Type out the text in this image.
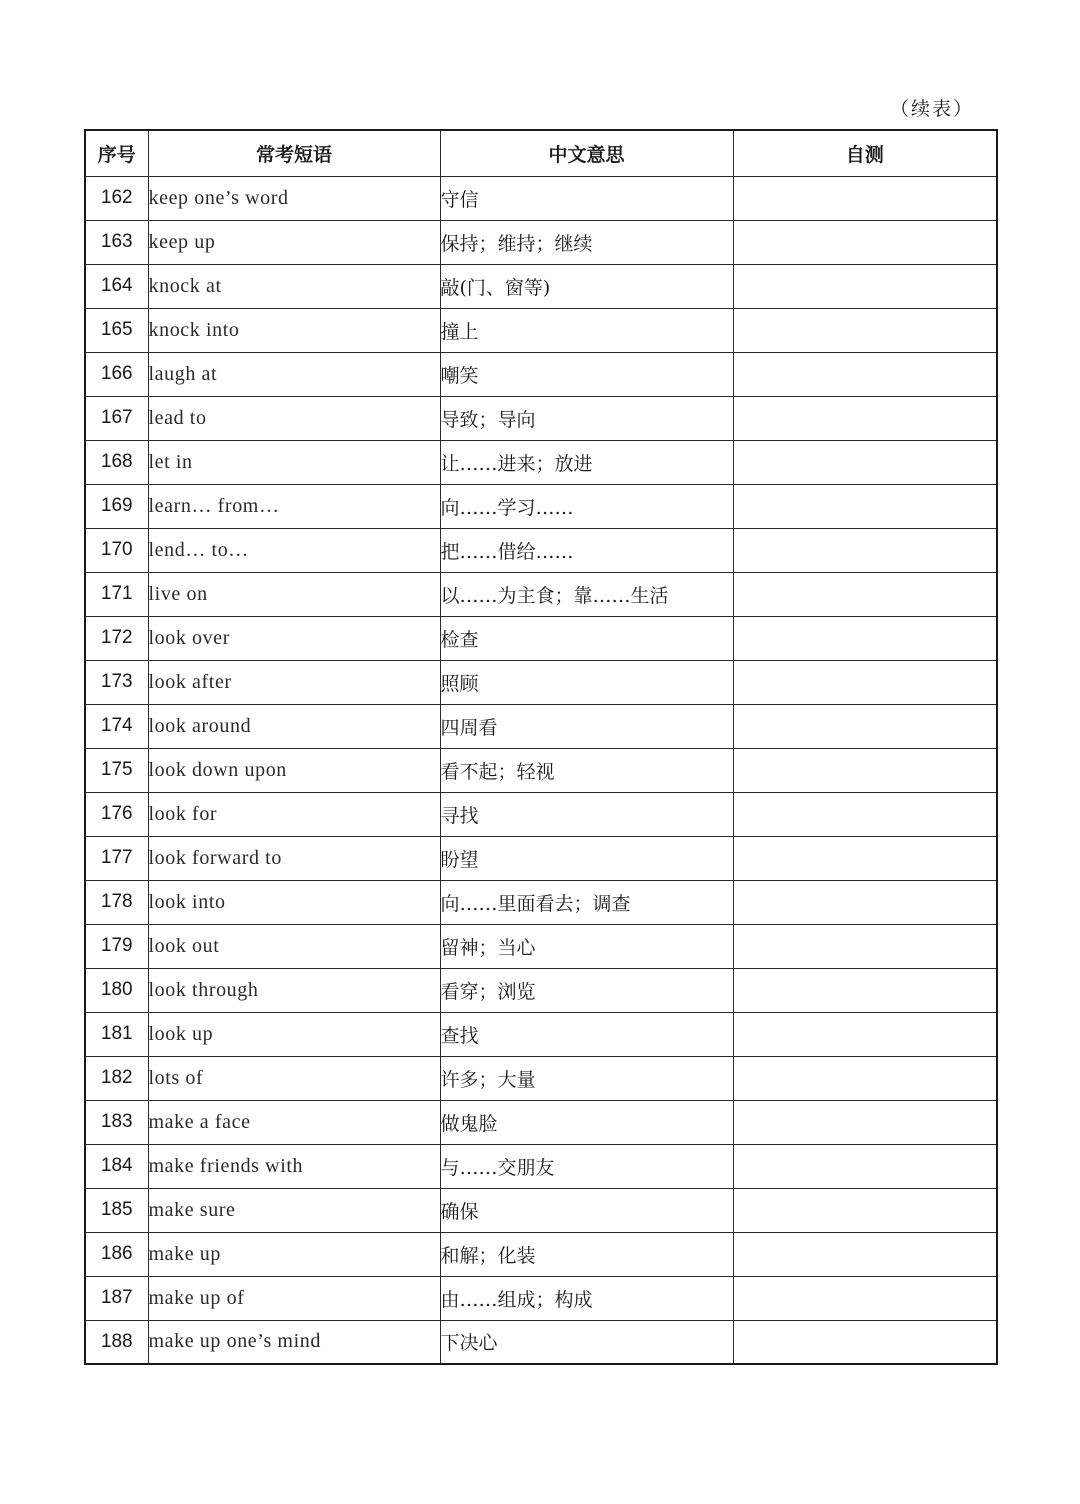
（续表）
序号	常考短语	中文意思	自测
162	keep one’s word	守信	
163	keep up	保持；维持；继续	
164	knock at	敲(门、窗等)	
165	knock into	撞上	
166	laugh at	嘲笑	
167	lead to	导致；导向	
168	let in	让……进来；放进	
169	learn… from…	向……学习……	
170	lend… to…	把……借给……	
171	live on	以……为主食；靠……生活	
172	look over	检查	
173	look after	照顾	
174	look around	四周看	
175	look down upon	看不起；轻视	
176	look for	寻找	
177	look forward to	盼望	
178	look into	向……里面看去；调查	
179	look out	留神；当心	
180	look through	看穿；浏览	
181	look up	查找	
182	lots of	许多；大量	
183	make a face	做鬼脸	
184	make friends with	与……交朋友	
185	make sure	确保	
186	make up	和解；化装	
187	make up of	由……组成；构成	
188	make up one’s mind	下决心	
